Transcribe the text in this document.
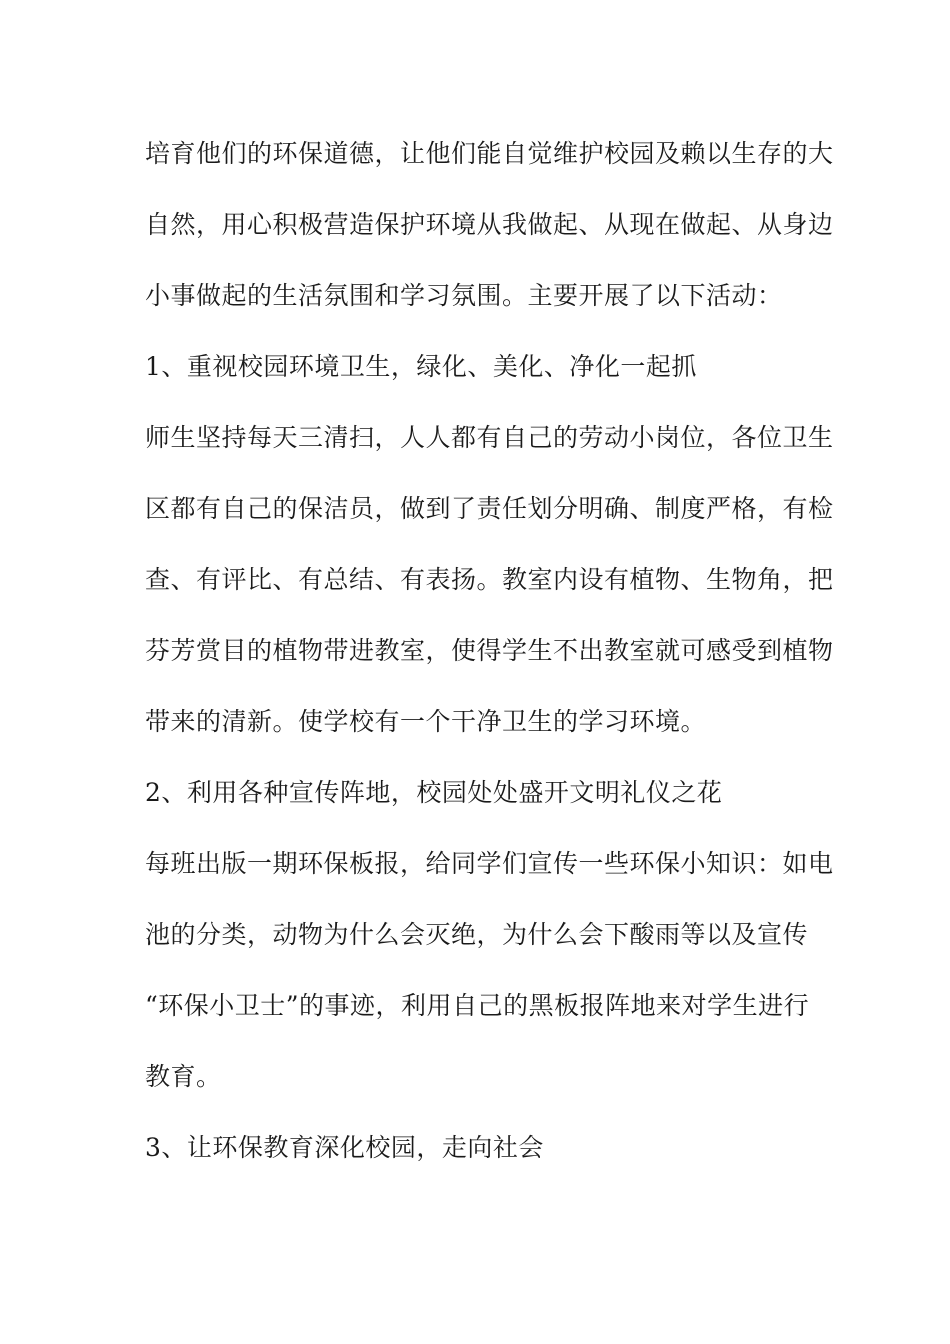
培育他们的环保道德，让他们能自觉维护校园及赖以生存的大
自然，用心积极营造保护环境从我做起、从现在做起、从身边
小事做起的生活氛围和学习氛围。主要开展了以下活动：
1、重视校园环境卫生，绿化、美化、净化一起抓
师生坚持每天三清扫，人人都有自己的劳动小岗位，各位卫生
区都有自己的保洁员，做到了责任划分明确、制度严格，有检
查、有评比、有总结、有表扬。教室内设有植物、生物角，把
芬芳赏目的植物带进教室，使得学生不出教室就可感受到植物
带来的清新。使学校有一个干净卫生的学习环境。
2、利用各种宣传阵地，校园处处盛开文明礼仪之花
每班出版一期环保板报，给同学们宣传一些环保小知识：如电
池的分类，动物为什么会灭绝，为什么会下酸雨等以及宣传
“环保小卫士”的事迹，利用自己的黑板报阵地来对学生进行
教育。
3、让环保教育深化校园，走向社会
